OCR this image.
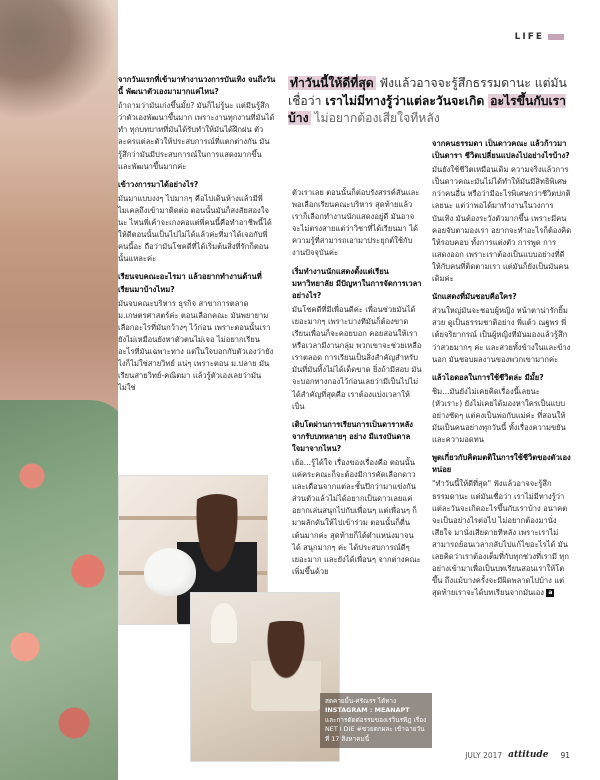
LIFE
ทำวันนี้ให้ดีที่สุด ฟังแล้วอาจจะรู้สึกธรรมดานะ แต่มันเชื่อว่า เราไม่มีทางรู้ว่าแต่ละวันจะเกิด อะไรขึ้นกับเราบ้าง ไม่อยากต้องเสียใจทีหลัง

จากวันแรกที่เข้ามาทำงานวงการบันเทิง จนถึงวันนี้ พัฒนาตัวเองมามากแค่ไหน?

ถ้าถามว่ามันเก่งขึ้นมั้ย? มันก็ไม่รู้นะ แต่มีนรู้สึกว่าตัวเองพัฒนาขึ้นมาก เพราะงานทุกงานที่มันได้ทำ ทุกบทบาทที่มันได้รับทำให้มันได้ฝึกฝน ตัวละครแต่ละตัวให้ประสบการณ์ที่แตกต่างกัน มันรู้สึกว่ามันมีประสบการณ์ในการแสดงมากขึ้น และพัฒนาขึ้นมากค่ะ

เข้าวงการมาได้อย่างไร?

มันมาแบบงงๆ ไปมากๆ คือไปเดินห้างแล้วมีพี่ไมเคลถึงเข้ามาติดต่อ ตอนนั้นมันก็สงสัยสองใจนะ ไหนพี่เค้าจะเกงคอแต่พี่คนนี้คือทำอาชีพนี้ได้ให้ดีตอนนั้นเป็นไปไม่ได้แล้วค่ะที่มาได้เจอกับพี่คนนี้อะ ถือว่ามันโชคดีที่ได้เริ่มต้นสิ่งที่รักก็ตอนนั้นแหละค่ะ

เรียนจบคณะอะไรมา แล้วอยากทำงานด้านที่เรียนมาบ้างไหม?

มันจบคณะบริหาร ธุรกิจ สาขาการตลาด ม.เกษตรศาสตร์ค่ะ ตอนเลือกคณะ มันพยายามเลือกอะไรที่มันกว้างๆ ไว้ก่อน เพราะตอนนั้นเรายังไม่เหมือนยังหาตัวตนไม่เจอ ไม่อยากเรียนอะไรที่มันเฉพาะทาง แต่ในใจบอกกับตัวเองว่ายังไงก็ไม่ใช่สายวิทย์ แน่ๆ เพราะตอน ม.ปลาย มันเรียนสายวิทย์-คณิตมา แล้วรู้ตัวเองเลยว่ามันไม่ใช่

ตัวเราเลย ตอนนั้นก็ต่อบรังสรรค์สันและพอเลือกเรียนคณะบริหาร สุดท้ายแล้วเราก็เลือกทำงานนักแสดงอยู่ดี มันอาจจะไม่ตรงสายแต่ว่าวิชาที่ได้เรียนมา ได้ความรู้ที่สามารถเอามาประยุกต์ใช้กับงานปัจจุบันค่ะ

เริ่มทำงานนักแสดงตั้งแต่เรียนมหาวิทยาลัย มีปัญหาในการจัดการเวลาอย่างไร?

มันโชคดีที่มีเพื่อนดีค่ะ เพื่อนช่วยมันได้เยอะมากๆ เพราะบางทีมันก็ต้องขาดเรียนเพื่อนก็จะคอยบอก คอยสอนให้เรา หรือเวลามีงานกลุ่ม พวกเขาจะช่วยเหลือเราตลอด การเรียนเป็นสิ่งสำคัญสำหรับมันที่มันทิ้งไม่ได้เด็ดขาด ยิ่งถ้ามีสอบ มันจะบอกทางกองไว้ก่อนเลยว่ามีเป็นไปไม่ได้สำคัญที่สุดคือ เราต้องแบ่งเวลาให้เป็น

เติบโตผ่านการเรียนการเป็นดาราหลังจากรับบทหลายๆ อย่าง มีแรงบันดาลใจมาจากไหน?

เฮ้อ...รู้ได้ใจ เรื่องของเรื่องคือ ตอนนั้นแค่คระคณะก็จะต้องมีการคัดเลือกดาวและเดือนจากแต่ละชั้นปีกว่ามาแข่งกัน ส่วนตัวแล้วไม่ได้อยากเป็นดาวเลยแค่อยากเล่นสนุกไปกับเพื่อนๆ แต่เพื่อนๆ ก็มาผลักดันให้ไปเข้าร่วม ตอนนั้นก็ตื่นเต้นมากค่ะ สุดท้ายก็ได้ตำแหน่งมาจนได้ สนุกมากๆ ค่ะ ได้ประสบการณ์ดีๆ เยอะมาก และยังได้เพื่อนๆ จากต่างคณะเพิ่มขึ้นด้วย

จากคนธรรมดา เป็นดาวคณะ แล้วก้าวมาเป็นดารา ชีวิตเปลี่ยนแปลงไปอย่างไรบ้าง?

มันยังใช้ชีวิตเหมือนเดิม ความจริงแล้วการเป็นดาวคณะมันไม่ได้ทำให้มันมีสิทธิพิเศษกว่าคนอื่น หรือว่ามีอะไรพิเศษกว่าชีวิตปกติเลยนะ แต่ว่าพอได้มาทำงานในวงการบันเทิง มันต้องระวังตัวมากขึ้น เพราะมีคนคอยจับตามองเรา อยากจะทำอะไรก็ต้องคิดให้รอบคอบ ทั้งการแต่งตัว การพูด การแสดงออก เพราะเราต้องเป็นแบบอย่างที่ดีให้กับคนที่ติดตามเรา แต่มันก็ยังเป็นมันคนเดิมค่ะ

นักแสดงที่มันชอบคือใคร?

ส่วนใหญ่มันจะชอบผู้หญิง หน้าตาน่ารักยิ้มสวย ดูเป็นธรรมชาติอย่าง พี่แต้ว ณฐพร พี่เต้ยจริยากรณ์ เป็นผู้หญิงที่มันมองแล้วรู้สึกว่าสวยมากๆ ค่ะ และสวยทั้งข้างในและข้างนอก มันชอบผลงานของพวกเขามากค่ะ

แล้วไอดอลในการใช้ชีวิตล่ะ มีมั้ย?

ชิม...มันยังไม่เคยคิดเรื่องนี้เลยนะ (หัวเราะ) ยังไม่เคยได้มองหาใครเป็นแบบอย่างชัดๆ แต่คงเป็นพ่อกับแม่ค่ะ ที่สอนให้มันเป็นคนอย่างทุกวันนี้ ทั้งเรื่องความขยันและความอดทน

พูดเกี่ยวกับคิดมตติในการใช้ชีวิตของตัวเองหน่อย

"ทำวันนี้ให้ดีที่สุด" ฟังแล้วอาจจะรู้สึกธรรมดานะ แต่มันเชื่อว่า เราไม่มีทางรู้ว่าแต่ละวันจะเกิดอะไรขึ้นกับเราบ้าง อนาคตจะเป็นอย่างไรต่อไป ไม่อยากต้องมานั่งเสียใจ มานั่งเสียดายทีหลัง เพราะเราไม่สามารถย้อนเวลากลับไปแก้ไขอะไรได้ มันเลยคิดว่าเราต้องเต็มที่กับทุกช่วงที่เรามี ทุกอย่างเข้ามาเพื่อเป็นบทเรียนสอนเราให้โตขึ้น ถึงแม้บางครั้งจะมีผิดพลาดไปบ้าง แต่สุดท้ายเราจะได้บทเรียนจากมันเอง a

สตคายมิ้น-ศรัณรร ได้ทาง
INSTAGRAM : MEANAPT
และการตัดต่อรรมของเรวินรพีฎ เรื่อง NET I DIE #ซวยตกผละ เข้าฉายวันที่ 17 สิงหาคมนี้
JULY 2017 attitude 91
